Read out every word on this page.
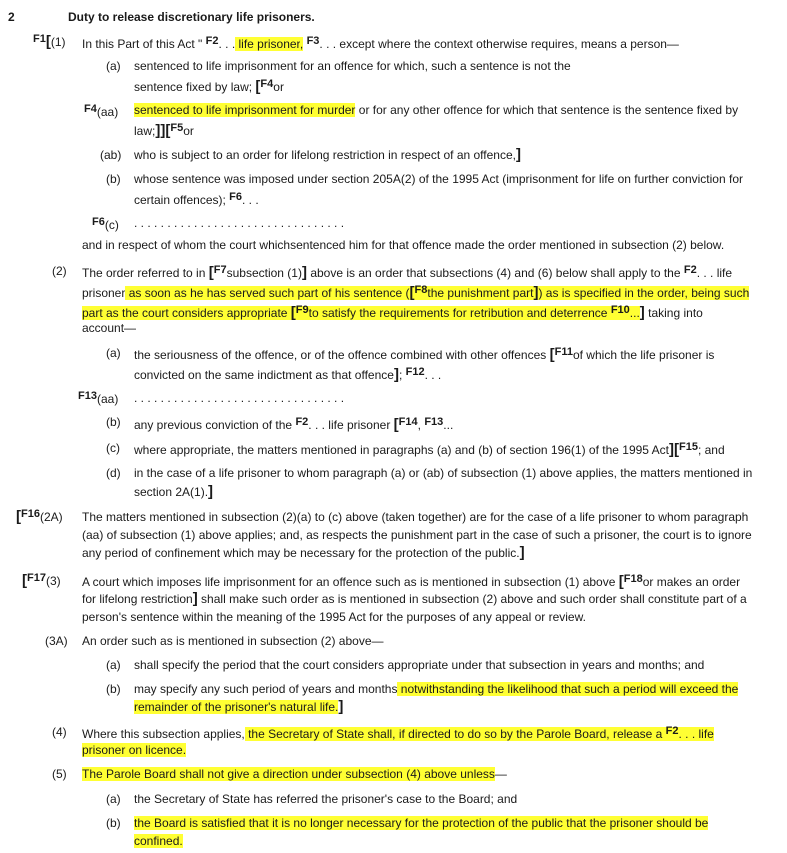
2	Duty to release discretionary life prisoners.
F1[(1) In this Part of this Act " F2. . . life prisoner, F3. . . except where the context otherwise requires, means a person—
(a) sentenced to life imprisonment for an offence for which, such a sentence is not the
sentence fixed by law; [F4or
F4(aa) sentenced to life imprisonment for murder or for any other offence for which that sentence is the sentence fixed by
law;]][F5or
(ab) who is subject to an order for lifelong restriction in respect of an offence,]
(b) whose sentence was imposed under section 205A(2) of the 1995 Act (imprisonment for life on further conviction for
certain offences); F6. . .
F6(c) . . . . . . . . . . . . . . . . . . . . . . . . . . . . . . . .
and in respect of whom the court whichsentenced him for that offence made the order mentioned in subsection (2) below.
(2) The order referred to in [F7subsection (1)] above is an order that subsections (4) and (6) below shall apply to the F2. . . life
prisoner as soon as he has served such part of his sentence ([F8the punishment part]) as is specified in the order, being such
part as the court considers appropriate [F9to satisfy the requirements for retribution and deterrence F10...] taking into
account—
(a) the seriousness of the offence, or of the offence combined with other offences [F11of which the life prisoner is
convicted on the same indictment as that offence]; F12. . .
F13(aa) . . . . . . . . . . . . . . . . . . . . . . . . . . . . . . . .
(b) any previous conviction of the F2. . . life prisoner [F14, F13...
(c) where appropriate, the matters mentioned in paragraphs (a) and (b) of section 196(1) of the 1995 Act][F15; and
(d) in the case of a life prisoner to whom paragraph (a) or (ab) of subsection (1) above applies, the matters mentioned in
section 2A(1).]
[F16(2A) The matters mentioned in subsection (2)(a) to (c) above (taken together) are for the case of a life prisoner to whom paragraph
(aa) of subsection (1) above applies; and, as respects the punishment part in the case of such a prisoner, the court is to ignore
any period of confinement which may be necessary for the protection of the public.]
[F17(3) A court which imposes life imprisonment for an offence such as is mentioned in subsection (1) above [F18or makes an order
for lifelong restriction] shall make such order as is mentioned in subsection (2) above and such order shall constitute part of a
person's sentence within the meaning of the 1995 Act for the purposes of any appeal or review.
(3A) An order such as is mentioned in subsection (2) above—
(a) shall specify the period that the court considers appropriate under that subsection in years and months; and
(b) may specify any such period of years and months notwithstanding the likelihood that such a period will exceed the
remainder of the prisoner's natural life.]
(4) Where this subsection applies, the Secretary of State shall, if directed to do so by the Parole Board, release a F2. . . life
prisoner on licence.
(5) The Parole Board shall not give a direction under subsection (4) above unless—
(a) the Secretary of State has referred the prisoner's case to the Board; and
(b) the Board is satisfied that it is no longer necessary for the protection of the public that the prisoner should be
confined.
